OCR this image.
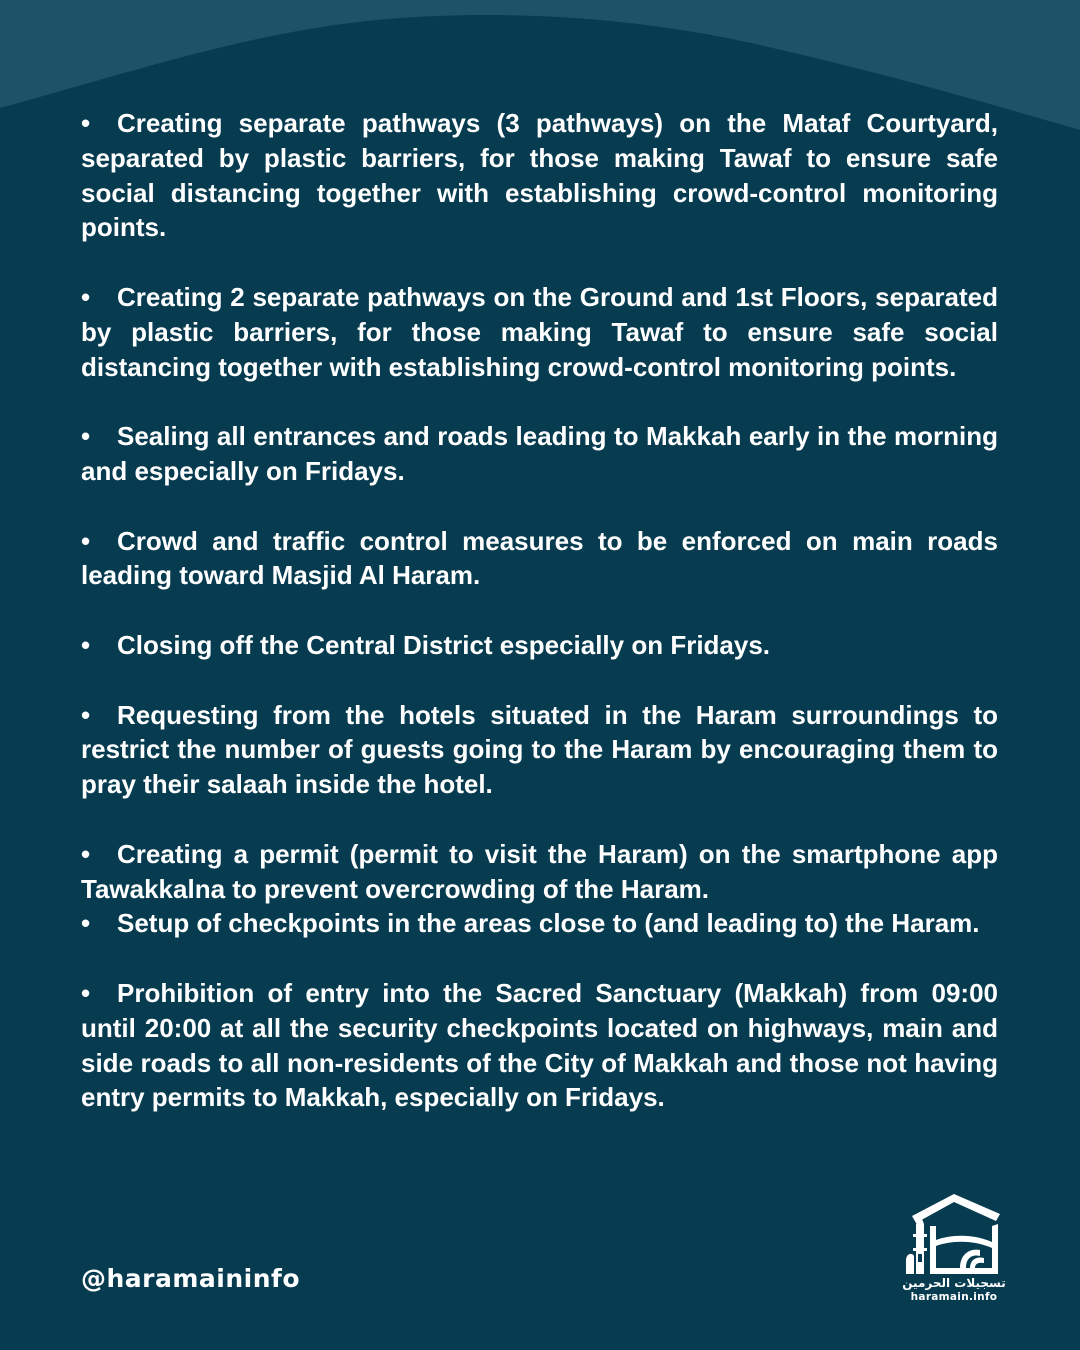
• Creating separate pathways (3 pathways) on the Mataf Courtyard, separated by plastic barriers, for those making Tawaf to ensure safe social distancing together with establishing crowd-control monitoring points.

• Creating 2 separate pathways on the Ground and 1st Floors, separated by plastic barriers, for those making Tawaf to ensure safe social distancing together with establishing crowd-control monitoring points.

• Sealing all entrances and roads leading to Makkah early in the morning and especially on Fridays.

• Crowd and traffic control measures to be enforced on main roads leading toward Masjid Al Haram.

• Closing off the Central District especially on Fridays.

• Requesting from the hotels situated in the Haram surroundings to restrict the number of guests going to the Haram by encouraging them to pray their salaah inside the hotel.

• Creating a permit (permit to visit the Haram) on the smartphone app Tawakkalna to prevent overcrowding of the Haram.

• Setup of checkpoints in the areas close to (and leading to) the Haram.

• Prohibition of entry into the Sacred Sanctuary (Makkah) from 09:00 until 20:00 at all the security checkpoints located on highways, main and side roads to all non-residents of the City of Makkah and those not having entry permits to Makkah, especially on Fridays.

@haramaininfo	تسجيلات الحرمين
haramain.info
